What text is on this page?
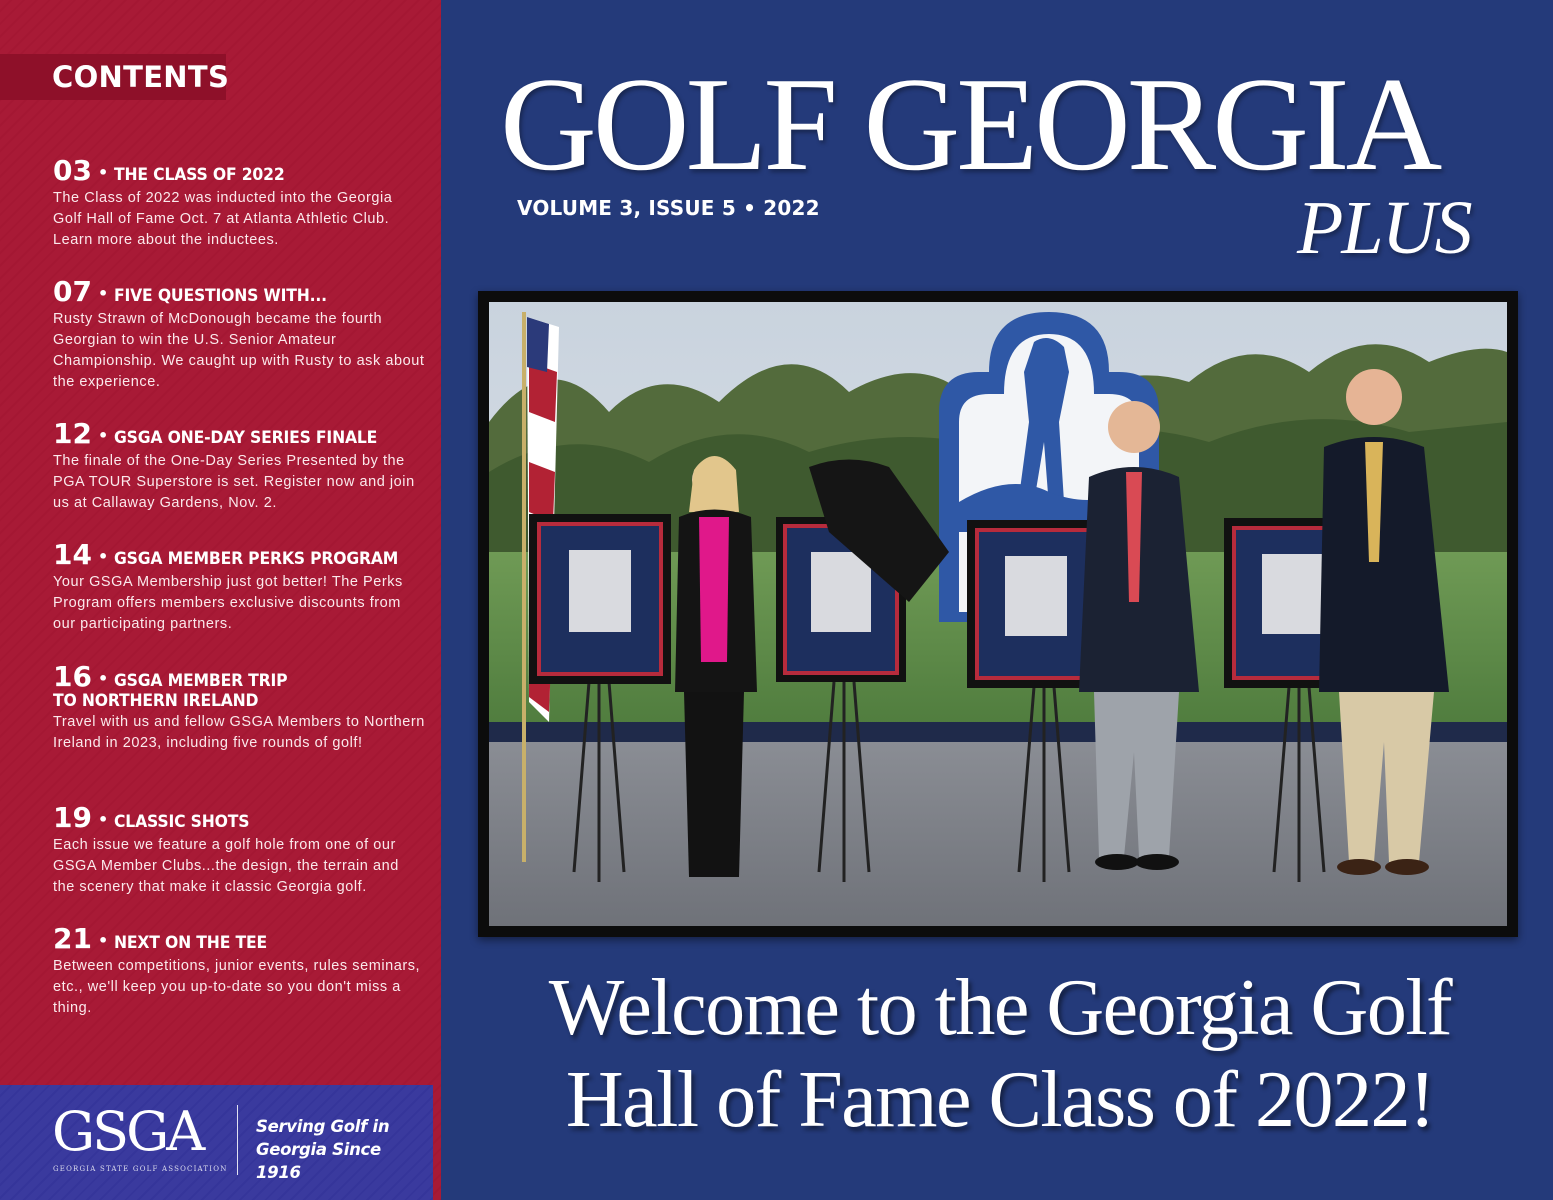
CONTENTS
03 • THE CLASS OF 2022
The Class of 2022 was inducted into the Georgia Golf Hall of Fame Oct. 7 at Atlanta Athletic Club. Learn more about the inductees.
07 • FIVE QUESTIONS WITH...
Rusty Strawn of McDonough became the fourth Georgian to win the U.S. Senior Amateur Championship. We caught up with Rusty to ask about the experience.
12 • GSGA ONE-DAY SERIES FINALE
The finale of the One-Day Series Presented by the PGA TOUR Superstore is set. Register now and join us at Callaway Gardens, Nov. 2.
14 • GSGA MEMBER PERKS PROGRAM
Your GSGA Membership just got better! The Perks Program offers members exclusive discounts from our participating partners.
16 • GSGA MEMBER TRIP
TO NORTHERN IRELAND
Travel with us and fellow GSGA Members to Northern Ireland in 2023, including five rounds of golf!
19 • CLASSIC SHOTS
Each issue we feature a golf hole from one of our GSGA Member Clubs...the design, the terrain and the scenery that make it classic Georgia golf.
21 • NEXT ON THE TEE
Between competitions, junior events, rules seminars, etc., we'll keep you up-to-date so you don't miss a thing.
GSGA
GEORGIA STATE GOLF ASSOCIATION
Serving Golf in
Georgia Since 1916
GOLF GEORGIA
VOLUME 3, ISSUE 5 • 2022	PLUS
Welcome to the Georgia Golf
Hall of Fame Class of 2022!
